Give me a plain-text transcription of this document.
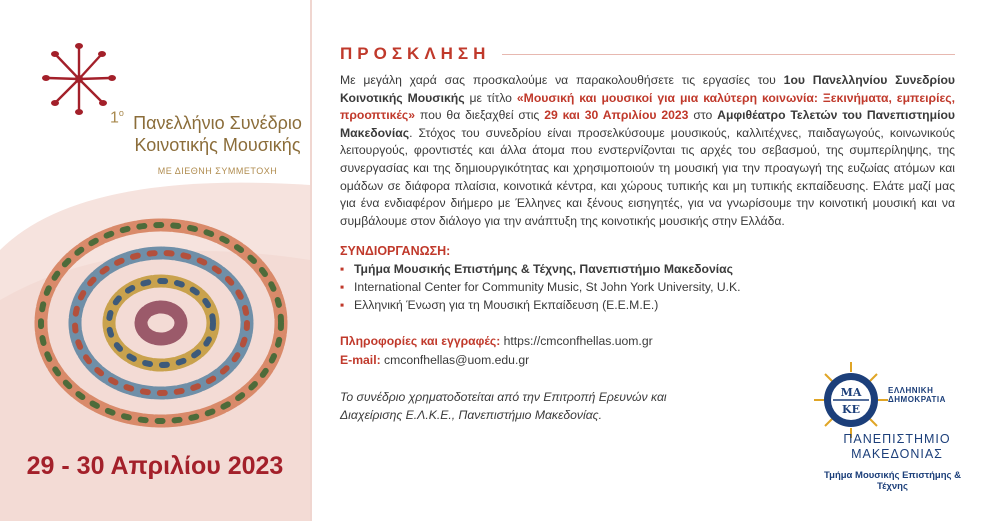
$1^o$ Πανελλήνιο Συνέδριο
Κοινοτικής Μουσικής
ΜΕ ΔΙΕΘΝΗ ΣΥΜΜΕΤΟΧΗ
29 - 30 Απριλίου 2023
ΠΡΟΣΚΛΗΣΗ

Με μεγάλη χαρά σας προσκαλούμε να παρακολουθήσετε τις εργασίες του 1ου Πανελληνίου Συνεδρίου Κοινοτικής Μουσικής με τίτλο «Μουσική και μουσικοί για μια καλύτερη κοινωνία: Ξεκινήματα, εμπειρίες, προοπτικές» που θα διεξαχθεί στις 29 και 30 Απριλίου 2023 στο Αμφιθέατρο Τελετών του Πανεπιστημίου Μακεδονίας. Στόχος του συνεδρίου είναι προσελκύσουμε μουσικούς, καλλιτέχνες, παιδαγωγούς, κοινωνικούς λειτουργούς, φροντιστές και άλλα άτομα που ενστερνίζονται τις αρχές του σεβασμού, της συμπερίληψης, της συνεργασίας και της δημιουργικότητας και χρησιμοποιούν τη μουσική για την προαγωγή της ευζωίας ατόμων και ομάδων σε διάφορα πλαίσια, κοινοτικά κέντρα, και χώρους τυπικής και μη τυπικής εκπαίδευσης. Ελάτε μαζί μας για ένα ενδιαφέρον διήμερο με Έλληνες και ξένους εισηγητές, για να γνωρίσουμε την κοινοτική μουσική και να συμβάλουμε στον διάλογο για την ανάπτυξη της κοινοτικής μουσικής στην Ελλάδα.

ΣΥΝΔΙΟΡΓΑΝΩΣΗ:
▪ Τμήμα Μουσικής Επιστήμης & Τέχνης, Πανεπιστήμιο Μακεδονίας
▪ International Center for Community Music, St John York University, U.K.
▪ Ελληνική Ένωση για τη Μουσική Εκπαίδευση (Ε.Ε.Μ.Ε.)

Πληροφορίες και εγγραφές: https://cmconfhellas.uom.gr

E-mail: cmconfhellas@uom.edu.gr

Το συνέδριο χρηματοδοτείται από την Επιτροπή Ερευνών και Διαχείρισης Ε.Λ.Κ.Ε., Πανεπιστήμιο Μακεδονίας.
ΜΑ
ΚΕ
ΕΛΛΗΝΙΚΗ
ΔΗΜΟΚΡΑΤΙΑ
ΠΑΝΕΠΙΣΤΗΜΙΟ
ΜΑΚΕΔΟΝΙΑΣ
Τμήμα Μουσικής Επιστήμης & Τέχνης
